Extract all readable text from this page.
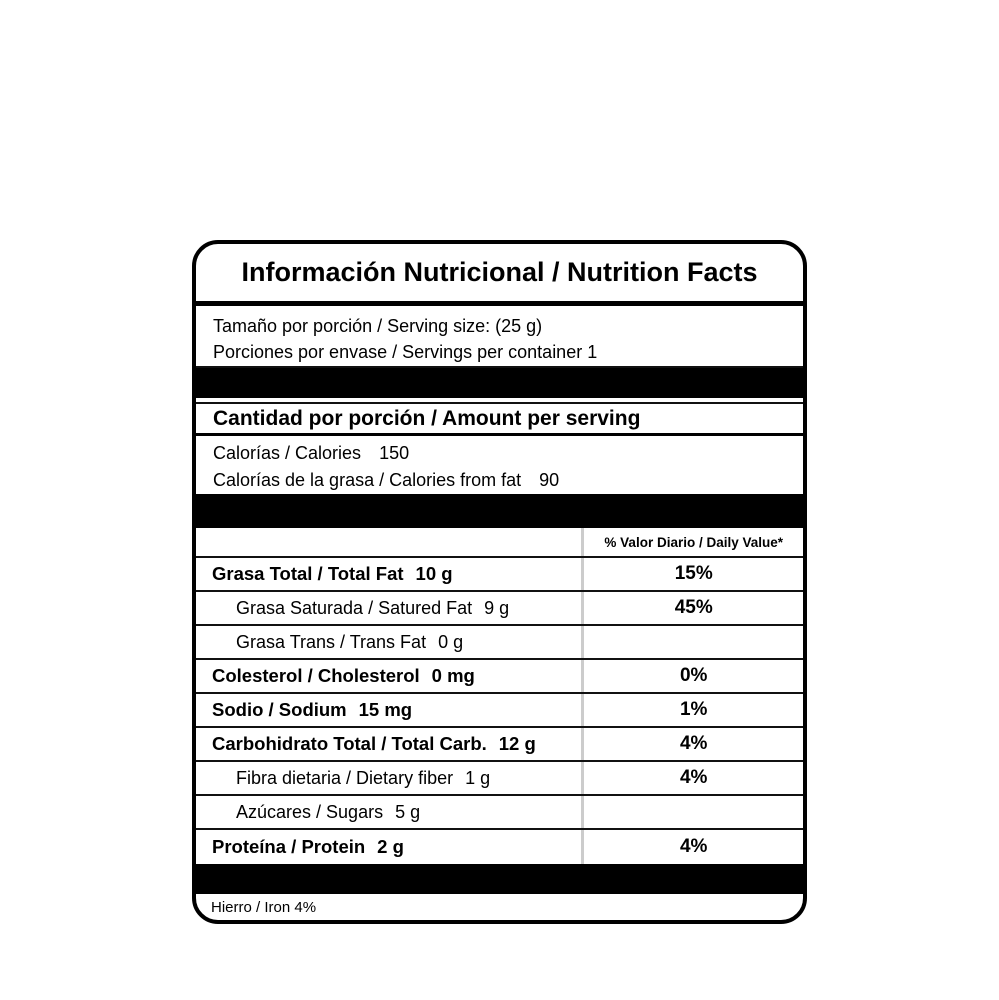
Información Nutricional / Nutrition Facts
Tamaño por porción / Serving size: (25 g)
Porciones por envase / Servings per container 1
Cantidad por porción / Amount per serving
Calorías / Calories 150
Calorías de la grasa / Calories from fat 90
% Valor Diario / Daily Value*
Grasa Total / Total Fat 10 g	15%
Grasa Saturada / Satured Fat 9 g	45%
Grasa Trans / Trans Fat 0 g
Colesterol / Cholesterol 0 mg	0%
Sodio / Sodium 15 mg	1%
Carbohidrato Total / Total Carb. 12 g	4%
Fibra dietaria / Dietary fiber 1 g	4%
Azúcares / Sugars 5 g
Proteína / Protein 2 g	4%
Hierro / Iron 4%
